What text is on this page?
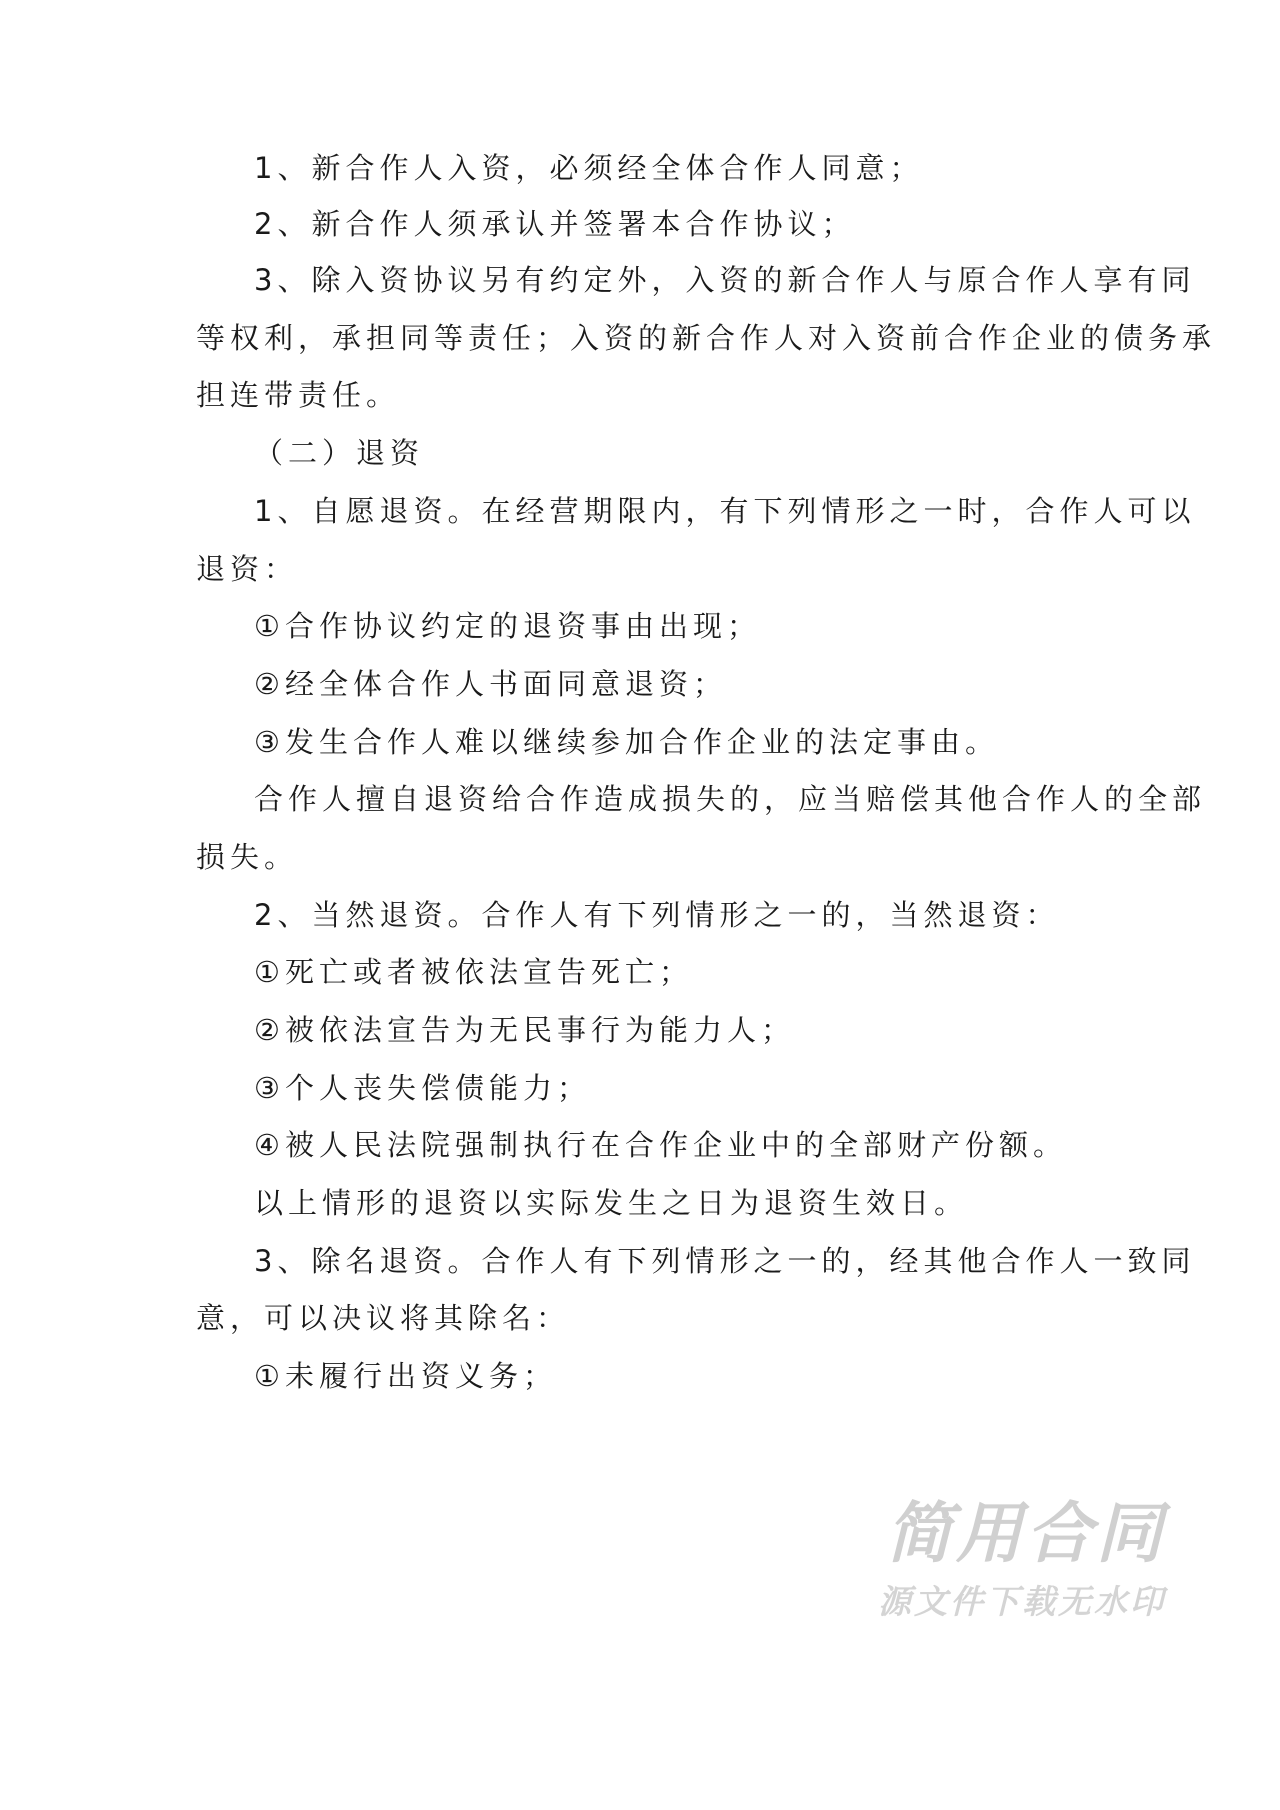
1、新合作人入资，必须经全体合作人同意；
2、新合作人须承认并签署本合作协议；
3、除入资协议另有约定外，入资的新合作人与原合作人享有同
等权利，承担同等责任；入资的新合作人对入资前合作企业的债务承
担连带责任。
（二）退资
1、自愿退资。在经营期限内，有下列情形之一时，合作人可以
退资：
①合作协议约定的退资事由出现；
②经全体合作人书面同意退资；
③发生合作人难以继续参加合作企业的法定事由。
合作人擅自退资给合作造成损失的，应当赔偿其他合作人的全部
损失。
2、当然退资。合作人有下列情形之一的，当然退资：
①死亡或者被依法宣告死亡；
②被依法宣告为无民事行为能力人；
③个人丧失偿债能力；
④被人民法院强制执行在合作企业中的全部财产份额。
以上情形的退资以实际发生之日为退资生效日。
3、除名退资。合作人有下列情形之一的，经其他合作人一致同
意，可以决议将其除名：
①未履行出资义务；
简用合同
源文件下载无水印
